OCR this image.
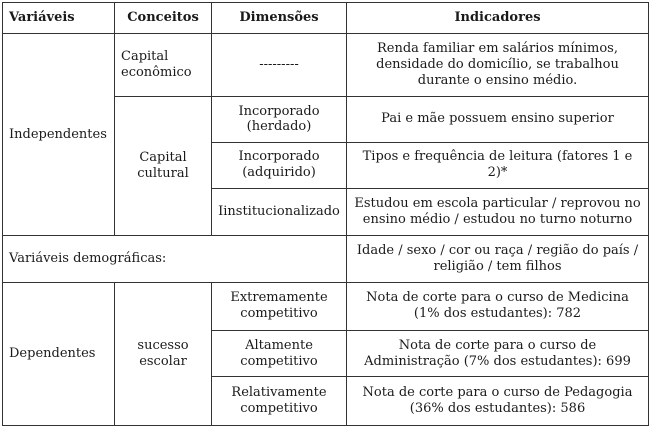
Variáveis	Conceitos	Dimensões	Indicadores
Independentes	Capital econômico	---------	Renda familiar em salários mínimos, densidade do domicílio, se trabalhou durante o ensino médio.
	Capital cultural	Incorporado (herdado)	Pai e mãe possuem ensino superior
		Incorporado (adquirido)	Tipos e frequência de leitura (fatores 1 e 2)*
		Iinstitucionalizado	Estudou em escola particular / reprovou no ensino médio / estudou no turno noturno
Variáveis demográficas:			Idade / sexo / cor ou raça / região do país / religião / tem filhos
Dependentes	sucesso escolar	Extremamente competitivo	Nota de corte para o curso de Medicina (1% dos estudantes): 782
		Altamente competitivo	Nota de corte para o curso de Administração (7% dos estudantes): 699
		Relativamente competitivo	Nota de corte para o curso de Pedagogia (36% dos estudantes): 586
